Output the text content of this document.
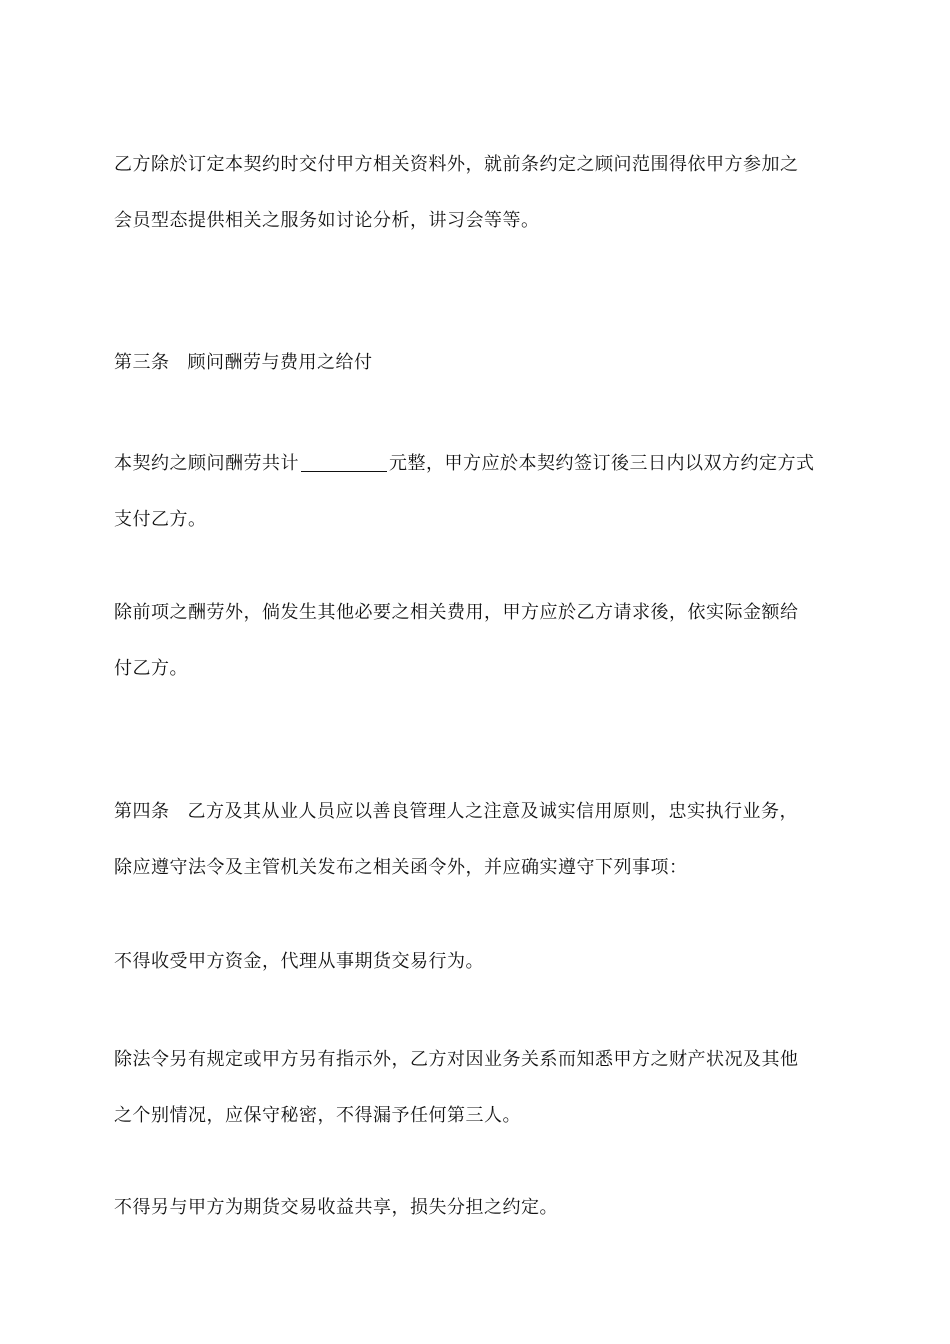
乙方除於订定本契约时交付甲方相关资料外，就前条约定之顾问范围得依甲方参加之
会员型态提供相关之服务如讨论分析，讲习会等等。
第三条 顾问酬劳与费用之给付
本契约之顾问酬劳共计	元整，甲方应於本契约签订後三日内以双方约定方式
支付乙方。
除前项之酬劳外，倘发生其他必要之相关费用，甲方应於乙方请求後，依实际金额给
付乙方。
第四条 乙方及其从业人员应以善良管理人之注意及诚实信用原则，忠实执行业务，
除应遵守法令及主管机关发布之相关函令外，并应确实遵守下列事项：
不得收受甲方资金，代理从事期货交易行为。
除法令另有规定或甲方另有指示外，乙方对因业务关系而知悉甲方之财产状况及其他
之个别情况，应保守秘密，不得漏予任何第三人。
不得另与甲方为期货交易收益共享，损失分担之约定。
